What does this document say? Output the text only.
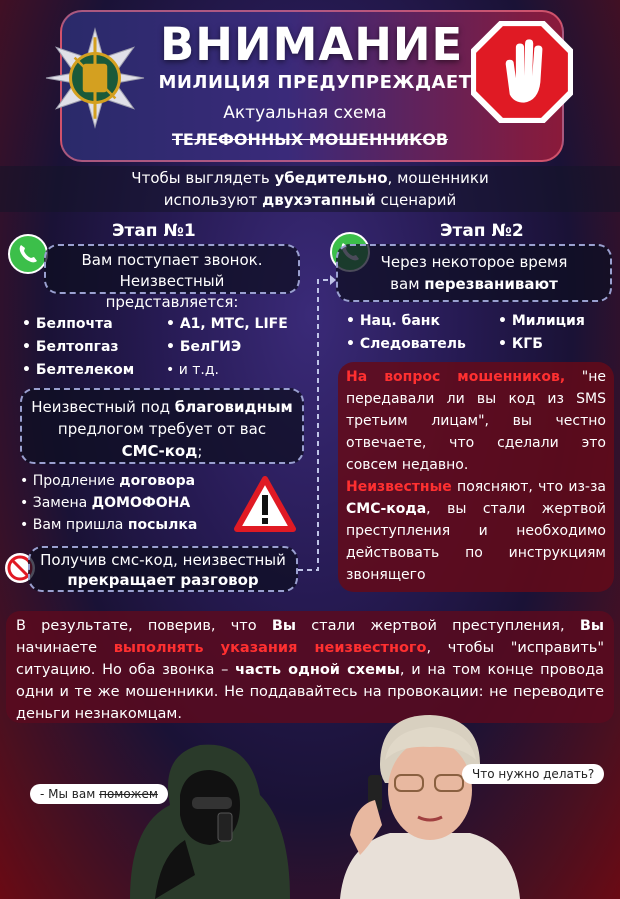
ВНИМАНИЕ
МИЛИЦИЯ ПРЕДУПРЕЖДАЕТ
Актуальная схема
ТЕЛЕФОННЫХ МОШЕННИКОВ
Чтобы выглядеть убедительно, мошенники
используют двухэтапный сценарий
Этап №1
Вам поступает звонок. Неизвестный представляется:
• Белпочта
• Белтопгаз
• Белтелеком
• А1, МТС, LIFE
• БелГИЭ
• и т.д.
Неизвестный под благовидным предлогом требует от вас
СМС-код;
• Продление договора
• Замена ДОМОФОНА
• Вам пришла посылка
Получив смс-код, неизвестный
прекращает разговор
Этап №2
Через некоторое время
вам перезванивают
• Нац. банк
• Следователь
• Милиция
• КГБ
На вопрос мошенников, "не передавали ли вы код из SMS третьим лицам", вы честно отвечаете, что сделали это совсем недавно.
Неизвестные поясняют, что из-за СМС-кода, вы стали жертвой преступления и необходимо действовать по инструкциям звонящего
В результате, поверив, что Вы стали жертвой преступления, Вы начинаете выполнять указания неизвестного, чтобы "исправить" ситуацию. Но оба звонка – часть одной схемы, и на том конце провода одни и те же мошенники. Не поддавайтесь на провокации: не переводите деньги незнакомцам.
- Мы вам поможем
Что нужно делать?
